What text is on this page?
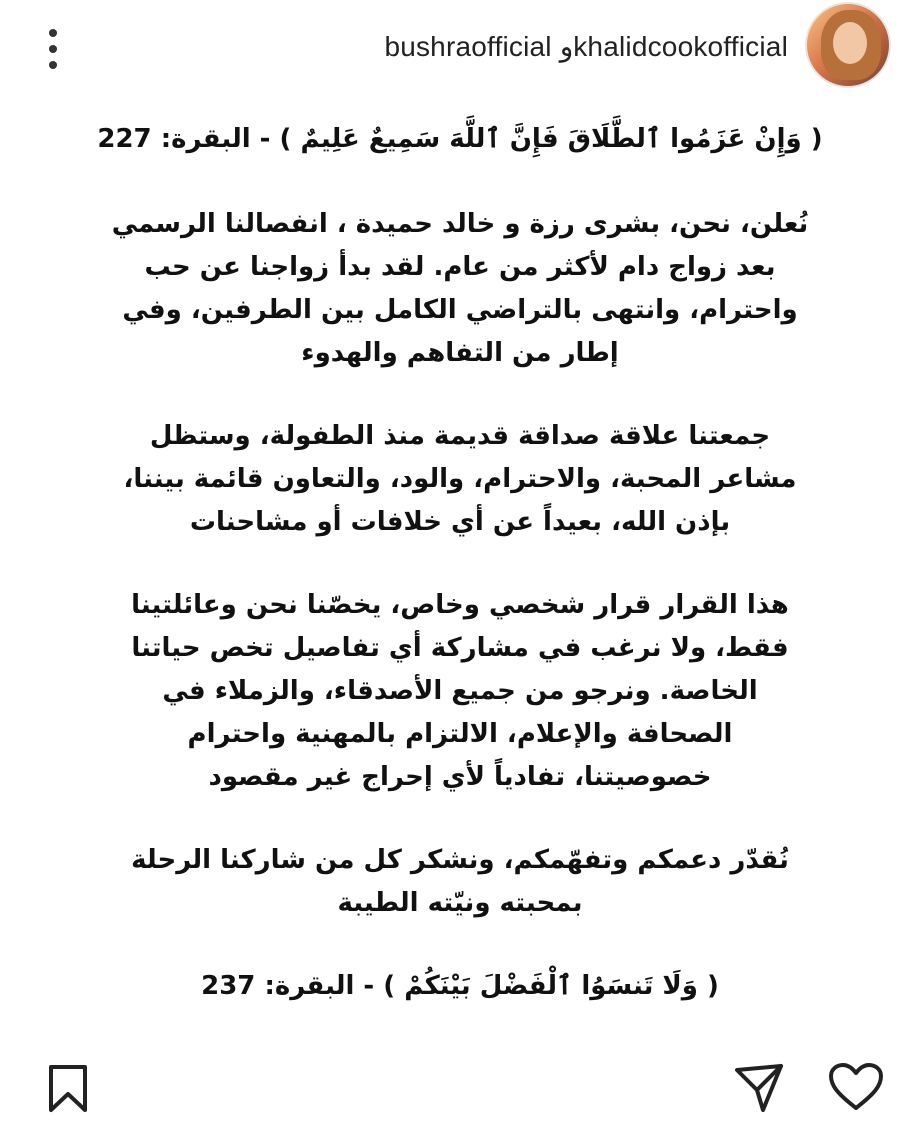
bushraofficial وkhalidcookofficial

( وَإِنْ عَزَمُوا ٱلطَّلَاقَ فَإِنَّ ٱللَّهَ سَمِيعٌ عَلِيمٌ ) - البقرة: 227

نُعلن، نحن، بشرى رزة و خالد حميدة ، انفصالنا الرسمي
بعد زواج دام لأكثر من عام. لقد بدأ زواجنا عن حب
واحترام، وانتهى بالتراضي الكامل بين الطرفين، وفي
إطار من التفاهم والهدوء

جمعتنا علاقة صداقة قديمة منذ الطفولة، وستظل
مشاعر المحبة، والاحترام، والود، والتعاون قائمة بيننا،
بإذن الله، بعيداً عن أي خلافات أو مشاحنات

هذا القرار قرار شخصي وخاص، يخصّنا نحن وعائلتينا
فقط، ولا نرغب في مشاركة أي تفاصيل تخص حياتنا
الخاصة. ونرجو من جميع الأصدقاء، والزملاء في
الصحافة والإعلام، الالتزام بالمهنية واحترام
خصوصيتنا، تفادياً لأي إحراج غير مقصود

نُقدّر دعمكم وتفهّمكم، ونشكر كل من شاركنا الرحلة
بمحبته ونيّته الطيبة

( وَلَا تَنسَوُا ٱلْفَضْلَ بَيْنَكُمْ ) - البقرة: 237
